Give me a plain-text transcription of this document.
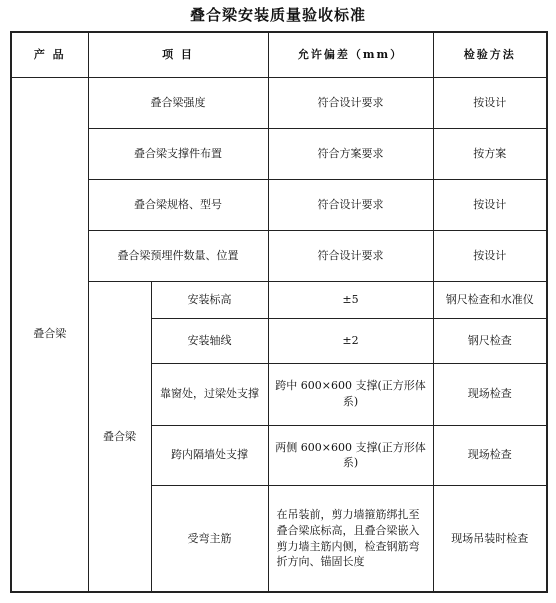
叠合梁安装质量验收标准
产 品	项 目		允许偏差（mm）	检验方法
叠合梁	叠合梁强度		符合设计要求	按设计
	叠合梁支撑件布置		符合方案要求	按方案
	叠合梁规格、型号		符合设计要求	按设计
	叠合梁预埋件数量、位置		符合设计要求	按设计
	叠合梁	安装标高	±5	钢尺检查和水准仪
		安装轴线	±2	钢尺检查
		靠窗处，过梁处支撑	跨中 600×600 支撑(正方形体系)	现场检查
		跨内隔墙处支撑	两侧 600×600 支撑(正方形体系)	现场检查
		受弯主筋	在吊装前，剪力墙箍筋绑扎至叠合梁底标高，且叠合梁嵌入剪力墙主筋内侧，检查钢筋弯折方向、锚固长度	现场吊装时检查
